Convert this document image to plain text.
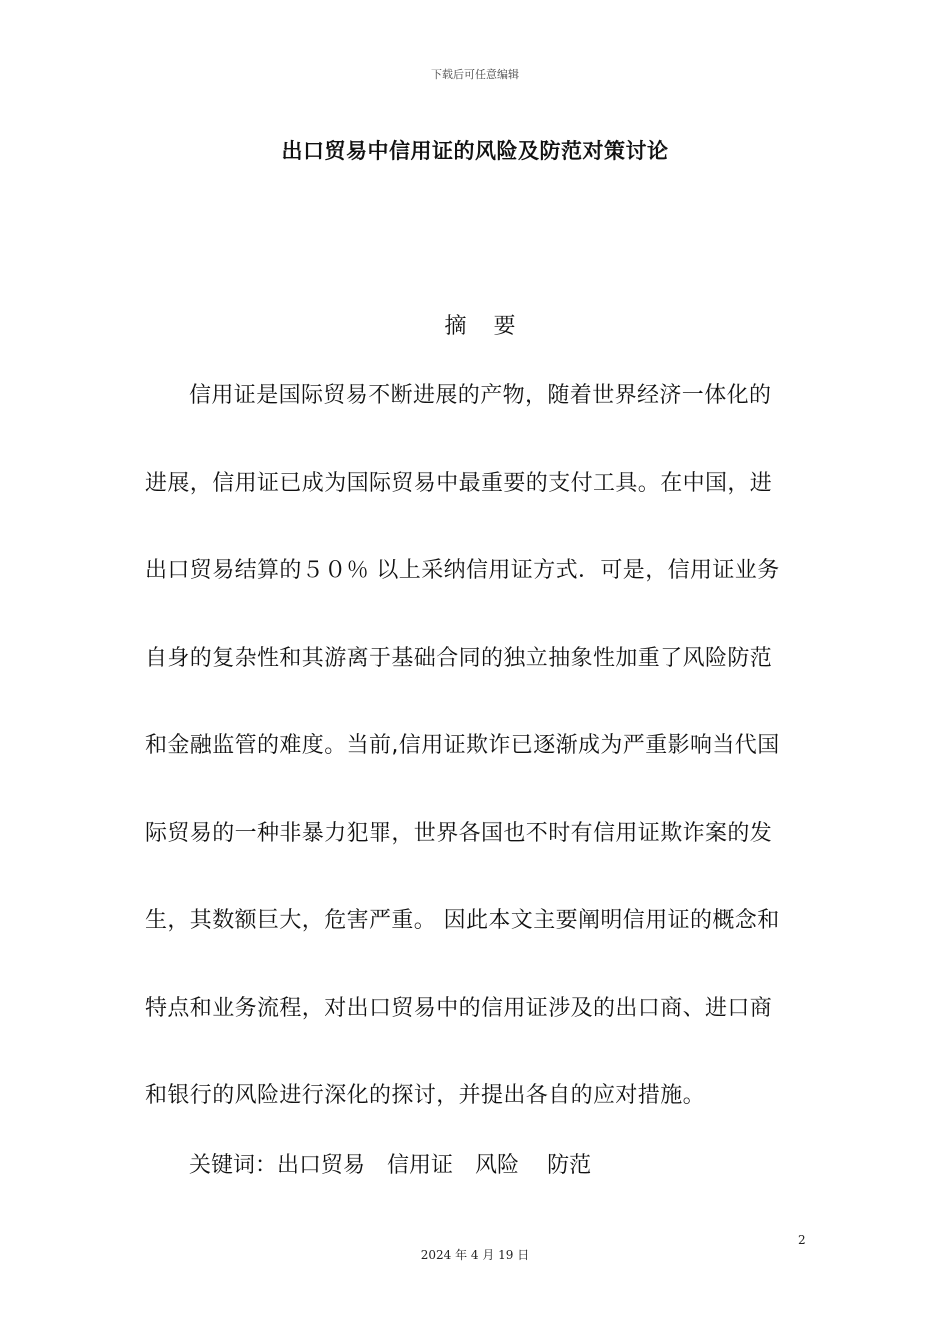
下载后可任意编辑
出口贸易中信用证的风险及防范对策讨论
摘 要
信用证是国际贸易不断进展的产物，随着世界经济一体化的
进展，信用证已成为国际贸易中最重要的支付工具。在中国，进
出口贸易结算的５０％ 以上采纳信用证方式．可是，信用证业务
自身的复杂性和其游离于基础合同的独立抽象性加重了风险防范
和金融监管的难度。当前,信用证欺诈已逐渐成为严重影响当代国
际贸易的一种非暴力犯罪，世界各国也不时有信用证欺诈案的发
生，其数额巨大，危害严重。 因此本文主要阐明信用证的概念和
特点和业务流程，对出口贸易中的信用证涉及的出口商、进口商
和银行的风险进行深化的探讨，并提出各自的应对措施。
关键词：出口贸易 信用证 风险 防范
2
2024 年 4 月 19 日
